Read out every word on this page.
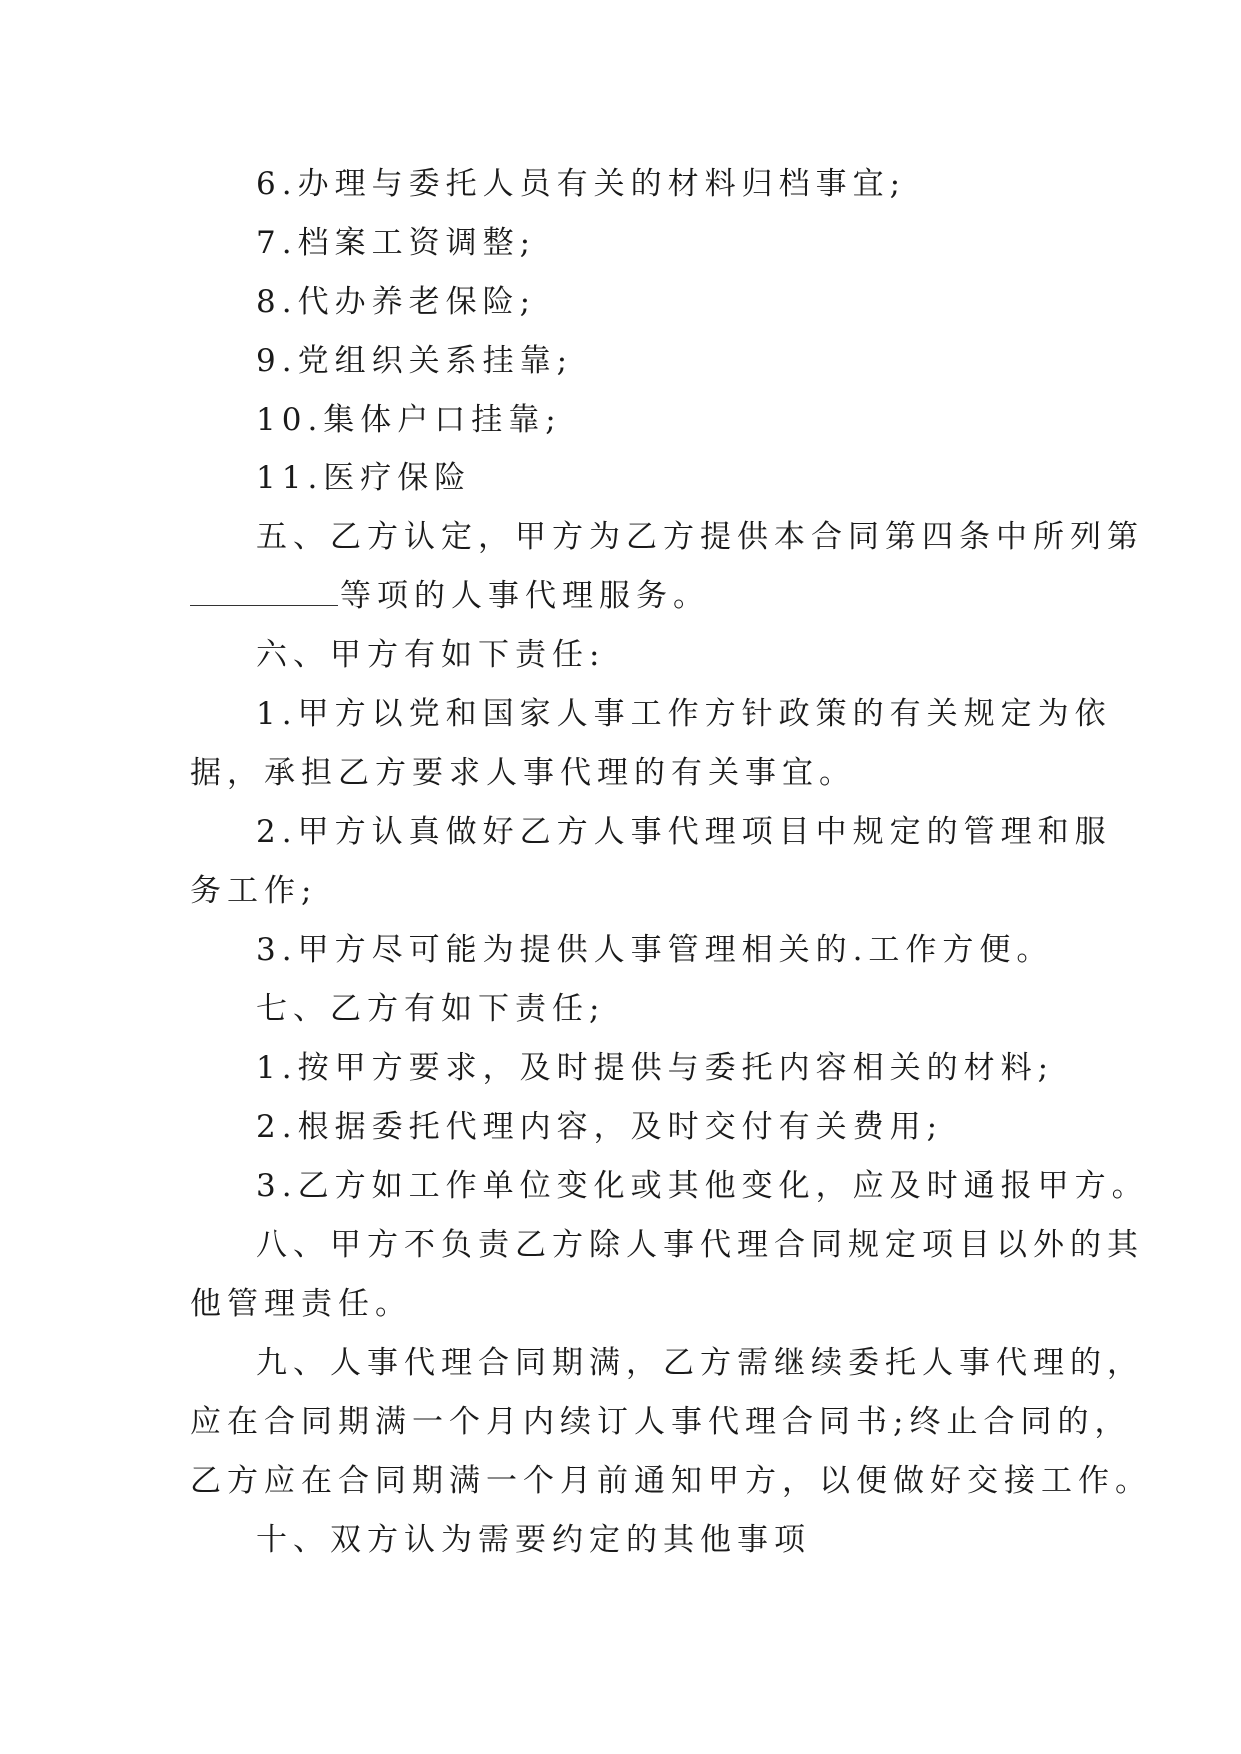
6.办理与委托人员有关的材料归档事宜;
7.档案工资调整;
8.代办养老保险;
9.党组织关系挂靠;
10.集体户口挂靠;
11.医疗保险
五、乙方认定，甲方为乙方提供本合同第四条中所列第
等项的人事代理服务。
六、甲方有如下责任:
1.甲方以党和国家人事工作方针政策的有关规定为依
据，承担乙方要求人事代理的有关事宜。
2.甲方认真做好乙方人事代理项目中规定的管理和服
务工作;
3.甲方尽可能为提供人事管理相关的.工作方便。
七、乙方有如下责任;
1.按甲方要求，及时提供与委托内容相关的材料;
2.根据委托代理内容，及时交付有关费用;
3.乙方如工作单位变化或其他变化，应及时通报甲方。
八、甲方不负责乙方除人事代理合同规定项目以外的其
他管理责任。
九、人事代理合同期满，乙方需继续委托人事代理的，
应在合同期满一个月内续订人事代理合同书;终止合同的，
乙方应在合同期满一个月前通知甲方，以便做好交接工作。
十、双方认为需要约定的其他事项
